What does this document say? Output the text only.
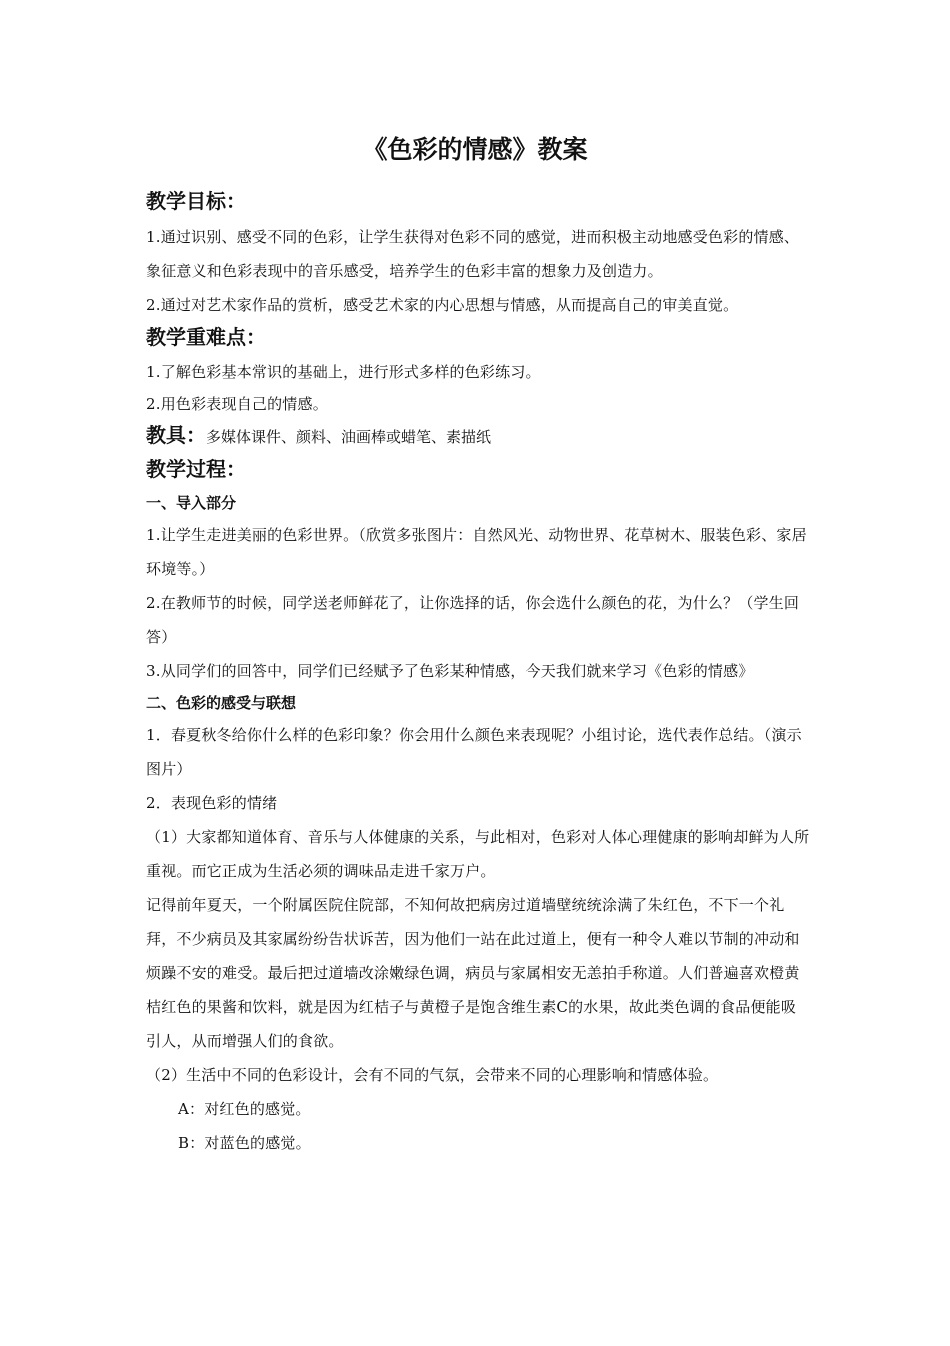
《色彩的情感》教案
教学目标：

1.通过识别、感受不同的色彩，让学生获得对色彩不同的感觉，进而积极主动地感受色彩的情感、象征意义和色彩表现中的音乐感受，培养学生的色彩丰富的想象力及创造力。

2.通过对艺术家作品的赏析，感受艺术家的内心思想与情感，从而提高自己的审美直觉。

教学重难点：

1.了解色彩基本常识的基础上，进行形式多样的色彩练习。

2.用色彩表现自己的情感。

教具：多媒体课件、颜料、油画棒或蜡笔、素描纸
教学过程：
一、导入部分

1.让学生走进美丽的色彩世界。（欣赏多张图片：自然风光、动物世界、花草树木、服装色彩、家居环境等。）

2.在教师节的时候，同学送老师鲜花了，让你选择的话，你会选什么颜色的花，为什么？（学生回答）

3.从同学们的回答中，同学们已经赋予了色彩某种情感，今天我们就来学习《色彩的情感》

二、色彩的感受与联想

1．春夏秋冬给你什么样的色彩印象？你会用什么颜色来表现呢？小组讨论，选代表作总结。（演示图片）

2．表现色彩的情绪

（1）大家都知道体育、音乐与人体健康的关系，与此相对，色彩对人体心理健康的影响却鲜为人所重视。而它正成为生活必须的调味品走进千家万户。

记得前年夏天，一个附属医院住院部，不知何故把病房过道墙壁统统涂满了朱红色，不下一个礼拜，不少病员及其家属纷纷告状诉苦，因为他们一站在此过道上，便有一种令人难以节制的冲动和烦躁不安的难受。最后把过道墙改涂嫩绿色调，病员与家属相安无恙拍手称道。人们普遍喜欢橙黄桔红色的果酱和饮料，就是因为红桔子与黄橙子是饱含维生素C的水果，故此类色调的食品便能吸引人，从而增强人们的食欲。

（2）生活中不同的色彩设计，会有不同的气氛，会带来不同的心理影响和情感体验。

A：对红色的感觉。

B：对蓝色的感觉。
